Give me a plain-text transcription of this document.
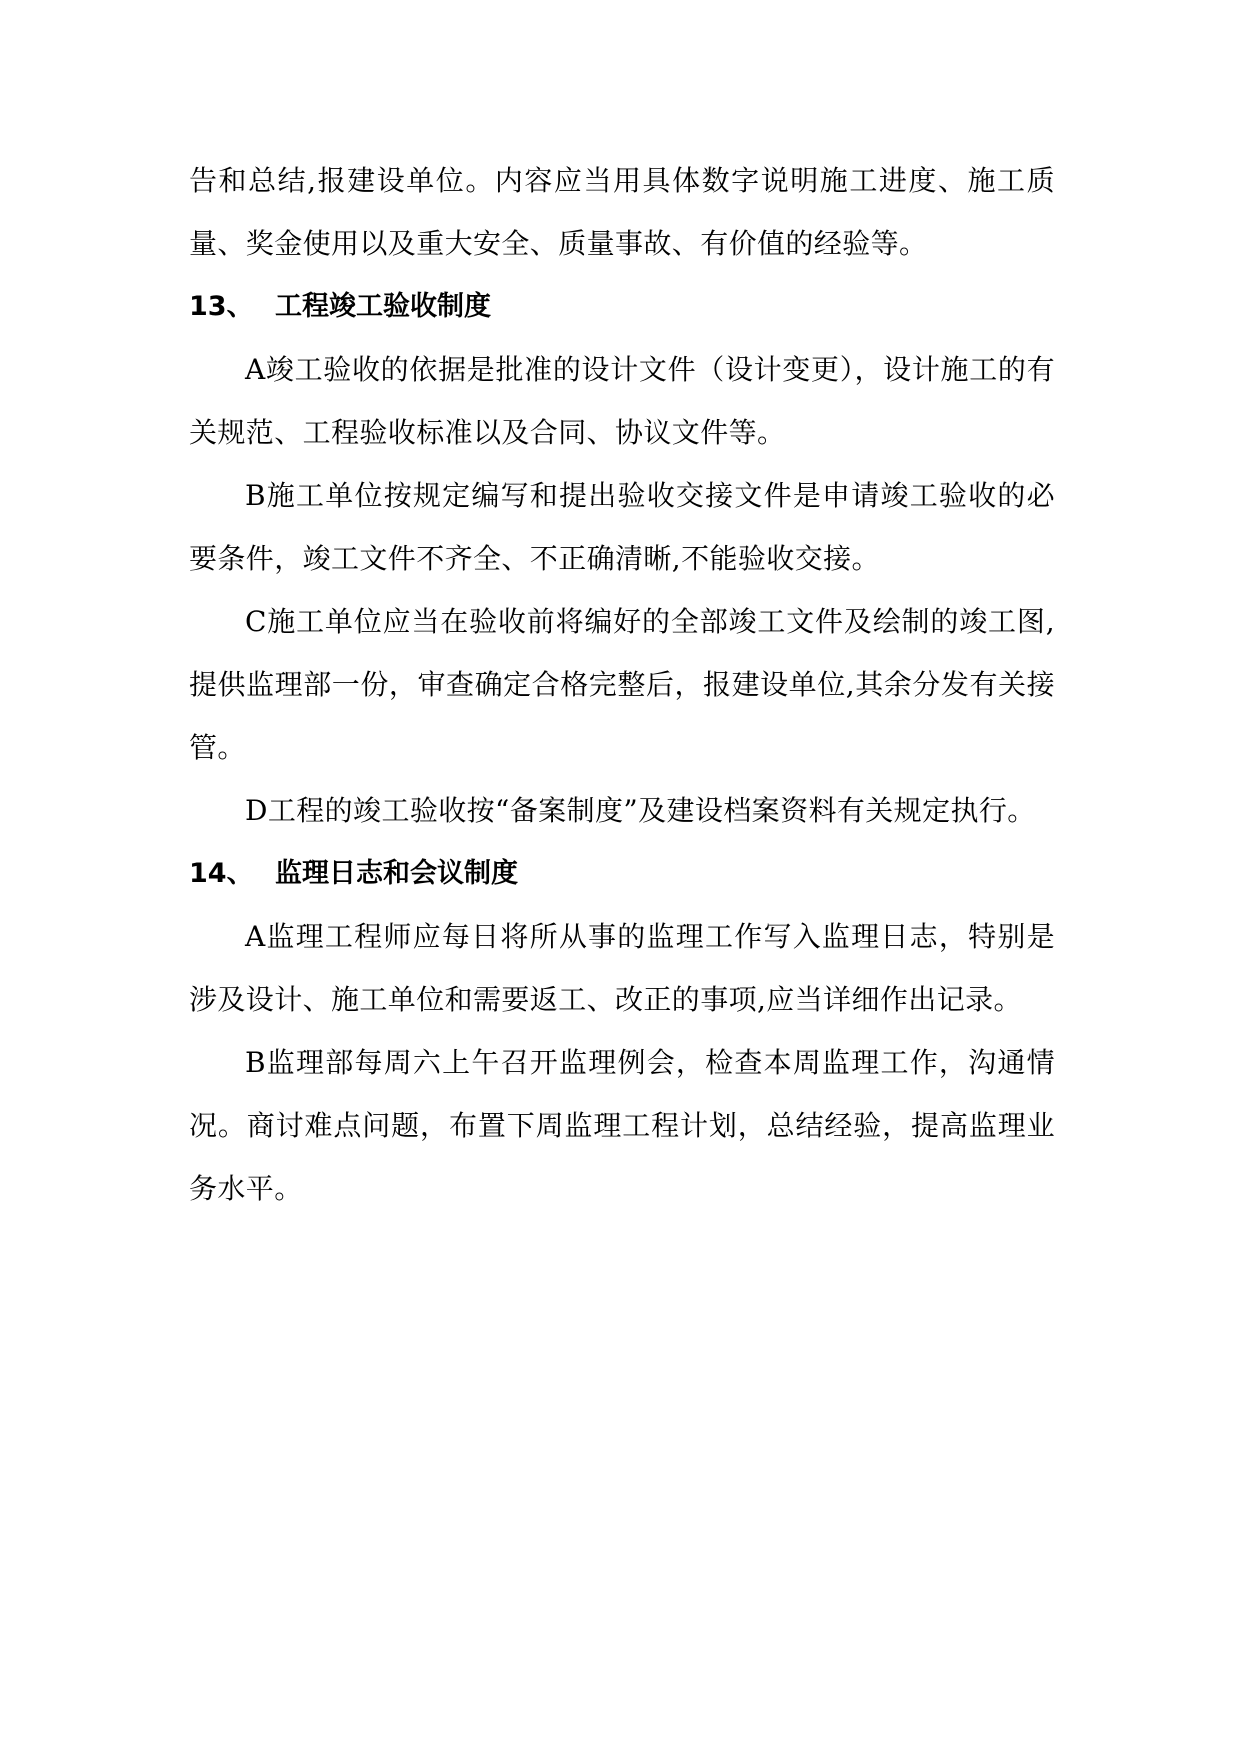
告和总结,报建设单位。内容应当用具体数字说明施工进度、施工质量、奖金使用以及重大安全、质量事故、有价值的经验等。

13、 工程竣工验收制度

A竣工验收的依据是批准的设计文件（设计变更），设计施工的有关规范、工程验收标准以及合同、协议文件等。

B施工单位按规定编写和提出验收交接文件是申请竣工验收的必要条件，竣工文件不齐全、不正确清晰,不能验收交接。

C施工单位应当在验收前将编好的全部竣工文件及绘制的竣工图,提供监理部一份，审查确定合格完整后，报建设单位,其余分发有关接管。

D工程的竣工验收按“备案制度”及建设档案资料有关规定执行。

14、 监理日志和会议制度

A监理工程师应每日将所从事的监理工作写入监理日志，特别是涉及设计、施工单位和需要返工、改正的事项,应当详细作出记录。

B监理部每周六上午召开监理例会，检查本周监理工作，沟通情况。商讨难点问题，布置下周监理工程计划，总结经验，提高监理业务水平。
